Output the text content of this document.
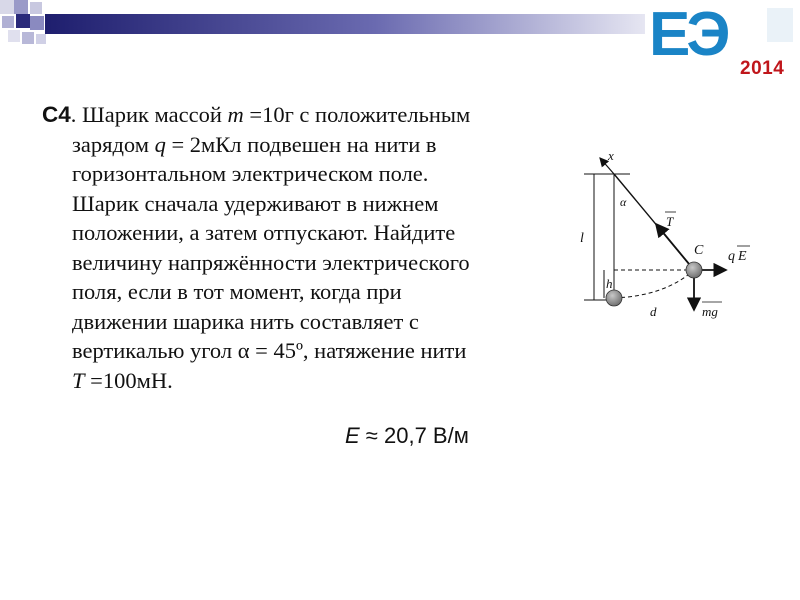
ЕЭ 2014
С4. Шарик массой m =10г с положительным
зарядом q = 2мКл подвешен на нити в
горизонтальном электрическом поле.
Шарик сначала удерживают в нижнем
положении, а затем отпускают. Найдите
величину напряжённости электрического
поля, если в тот момент, когда при
движении шарика нить составляет с
вертикалью угол α = 45º, натяжение нити
T =100мН.
E ≈ 20,7 В/м
x
α
T
C q E
l
h
d	mg
